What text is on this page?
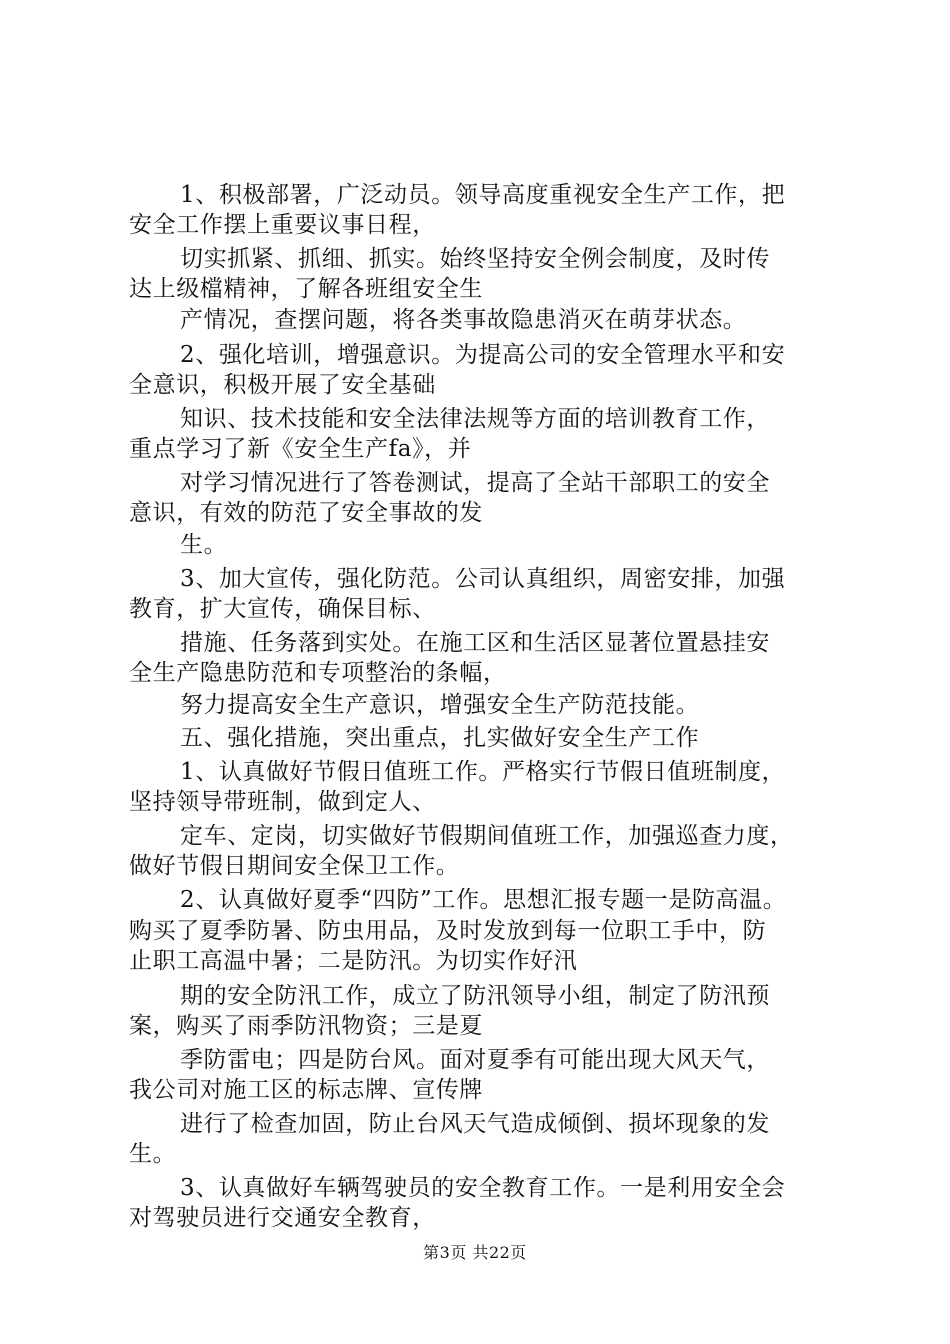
1、积极部署，广泛动员。领导高度重视安全生产工作，把

安全工作摆上重要议事日程，

切实抓紧、抓细、抓实。始终坚持安全例会制度，及时传

达上级檔精神，了解各班组安全生

产情况，查摆问题，将各类事故隐患消灭在萌芽状态。

2、强化培训，增强意识。为提高公司的安全管理水平和安

全意识，积极开展了安全基础

知识、技术技能和安全法律法规等方面的培训教育工作，

重点学习了新《安全生产fa》，并

对学习情况进行了答卷测试，提高了全站干部职工的安全

意识，有效的防范了安全事故的发

生。

3、加大宣传，强化防范。公司认真组织，周密安排，加强

教育，扩大宣传，确保目标、

措施、任务落到实处。在施工区和生活区显著位置悬挂安

全生产隐患防范和专项整治的条幅，

努力提高安全生产意识，增强安全生产防范技能。

五、强化措施，突出重点，扎实做好安全生产工作

1、认真做好节假日值班工作。严格实行节假日值班制度，

坚持领导带班制，做到定人、

定车、定岗，切实做好节假期间值班工作，加强巡查力度，

做好节假日期间安全保卫工作。

2、认真做好夏季“四防”工作。思想汇报专题一是防高温。

购买了夏季防暑、防虫用品，及时发放到每一位职工手中，防

止职工高温中暑；二是防汛。为切实作好汛

期的安全防汛工作，成立了防汛领导小组，制定了防汛预

案，购买了雨季防汛物资；三是夏

季防雷电；四是防台风。面对夏季有可能出现大风天气，

我公司对施工区的标志牌、宣传牌

进行了检查加固，防止台风天气造成倾倒、损坏现象的发

生。

3、认真做好车辆驾驶员的安全教育工作。一是利用安全会

对驾驶员进行交通安全教育，

第3页 共22页
